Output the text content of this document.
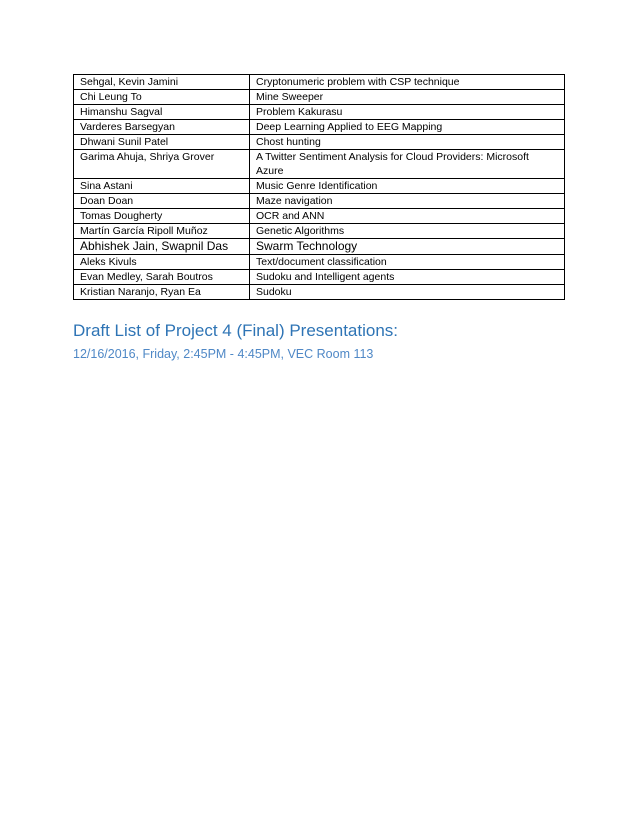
Sehgal, Kevin Jamini	Cryptonumeric problem with CSP technique
Chi Leung To	Mine Sweeper
Himanshu Sagval	Problem Kakurasu
Varderes Barsegyan	Deep Learning Applied to EEG Mapping
Dhwani Sunil Patel	Chost hunting
Garima Ahuja, Shriya Grover	A Twitter Sentiment Analysis for Cloud Providers: Microsoft Azure
Sina Astani	Music Genre Identification
Doan Doan	Maze navigation
Tomas Dougherty	OCR and ANN
Martín García Ripoll Muñoz	Genetic Algorithms
Abhishek Jain, Swapnil Das	Swarm Technology
Aleks Kivuls	Text/document classification
Evan Medley, Sarah Boutros	Sudoku and Intelligent agents
Kristian Naranjo, Ryan Ea	Sudoku
Draft List of Project 4 (Final) Presentations:
12/16/2016, Friday, 2:45PM - 4:45PM, VEC Room 113
